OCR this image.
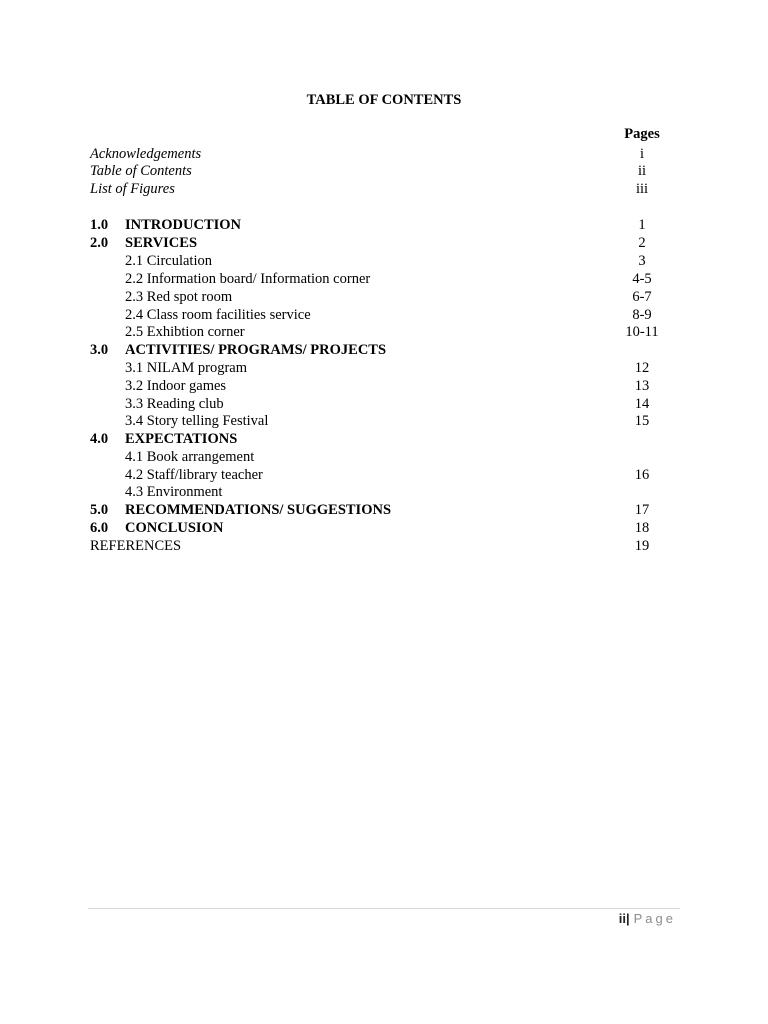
TABLE OF CONTENTS
Pages
Acknowledgements	i
Table of Contents	ii
List of Figures	iii
1.0 INTRODUCTION	1
2.0 SERVICES	2
2.1 Circulation	3
2.2 Information board/ Information corner	4-5
2.3 Red spot room	6-7
2.4 Class room facilities service	8-9
2.5 Exhibtion corner	10-11
3.0 ACTIVITIES/ PROGRAMS/ PROJECTS
3.1 NILAM program	12
3.2 Indoor games	13
3.3 Reading club	14
3.4 Story telling Festival	15
4.0 EXPECTATIONS
4.1 Book arrangement
4.2 Staff/library teacher	16
4.3 Environment
5.0 RECOMMENDATIONS/ SUGGESTIONS	17
6.0 CONCLUSION	18
REFERENCES	19
ii| Page
